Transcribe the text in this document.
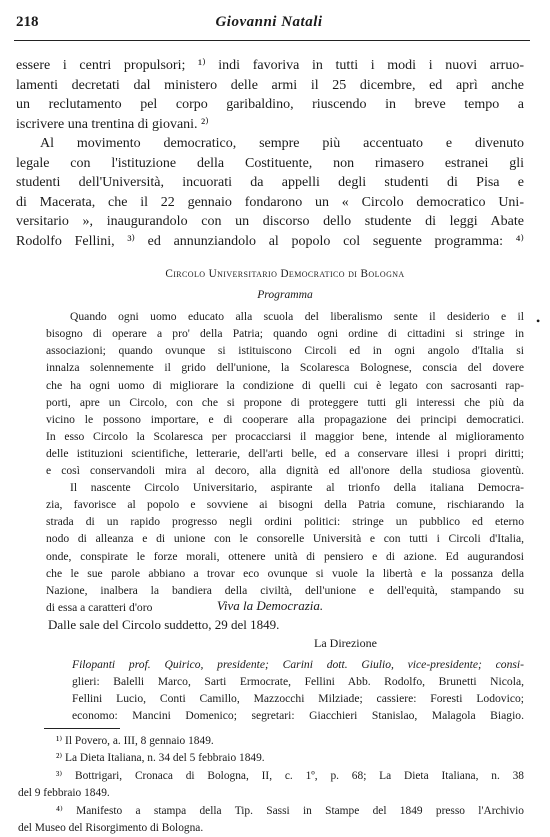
218	Giovanni Natali
essere i centri propulsori; ¹⁾ indi favoriva in tutti i modi i nuovi arruo-
lamenti decretati dal ministero delle armi il 25 dicembre, ed aprì anche
un reclutamento pel corpo garibaldino, riuscendo in breve tempo a
iscrivere una trentina di giovani. ²⁾
Al movimento democratico, sempre più accentuato e divenuto
legale con l'istituzione della Costituente, non rimasero estranei gli
studenti dell'Università, incuorati da appelli degli studenti di Pisa e
di Macerata, che il 22 gennaio fondarono un « Circolo democratico Uni-
versitario », inaugurandolo con un discorso dello studente di leggi Abate
Rodolfo Fellini, ³⁾ ed annunziandolo al popolo col seguente programma: ⁴⁾
Circolo Universitario Democratico di Bologna
Programma
Quando ogni uomo educato alla scuola del liberalismo sente il desiderio e il
bisogno di operare a pro' della Patria; quando ogni ordine di cittadini si stringe in
associazioni; quando ovunque si istituiscono Circoli ed in ogni angolo d'Italia si
innalza solennemente il grido dell'unione, la Scolaresca Bolognese, conscia del dovere
che ha ogni uomo di migliorare la condizione di quelli cui è legato con sacrosanti rap-
porti, apre un Circolo, con che si propone di proteggere tutti gli interessi che più da
vicino le possono importare, e di cooperare alla propagazione dei principi democratici.
In esso Circolo la Scolaresca per procacciarsi il maggior bene, intende al miglioramento
delle istituzioni scientifiche, letterarie, dell'arti belle, ed a conservare illesi i propri diritti;
e così conservandoli mira al decoro, alla dignità ed all'onore della studiosa gioventù.
Il nascente Circolo Universitario, aspirante al trionfo della italiana Democra-
zia, favorisce al popolo e sovviene ai bisogni della Patria comune, rischiarando la
strada di un rapido progresso negli ordini politici: stringe un pubblico ed eterno
nodo di alleanza e di unione con le consorelle Università e con tutti i Circoli d'Italia,
onde, conspirate le forze morali, ottenere unità di pensiero e di azione. Ed augurandosi
che le sue parole abbiano a trovar eco ovunque si vuole la libertà e la possanza della
Nazione, inalbera la bandiera della civiltà, dell'unione e dell'equità, stampando su
di essa a caratteri d'oro	Viva la Democrazia.
Dalle sale del Circolo suddetto, 29 del 1849.
La Direzione
Filopanti prof. Quirico, presidente; Carini dott. Giulio, vice-presidente; consi-
glieri: Balelli Marco, Sarti Ermocrate, Fellini Abb. Rodolfo, Brunetti Nicola,
Fellini Lucio, Conti Camillo, Mazzocchi Milziade; cassiere: Foresti Lodovico;
economo: Mancini Domenico; segretari: Giacchieri Stanislao, Malagola Biagio.
¹⁾ Il Povero, a. III, 8 gennaio 1849.
²⁾ La Dieta Italiana, n. 34 del 5 febbraio 1849.
³⁾ Bottrigari, Cronaca di Bologna, II, c. 1º, p. 68; La Dieta Italiana, n. 38
del 9 febbraio 1849.
⁴⁾ Manifesto a stampa della Tip. Sassi in Stampe del 1849 presso l'Archivio
del Museo del Risorgimento di Bologna.
•
